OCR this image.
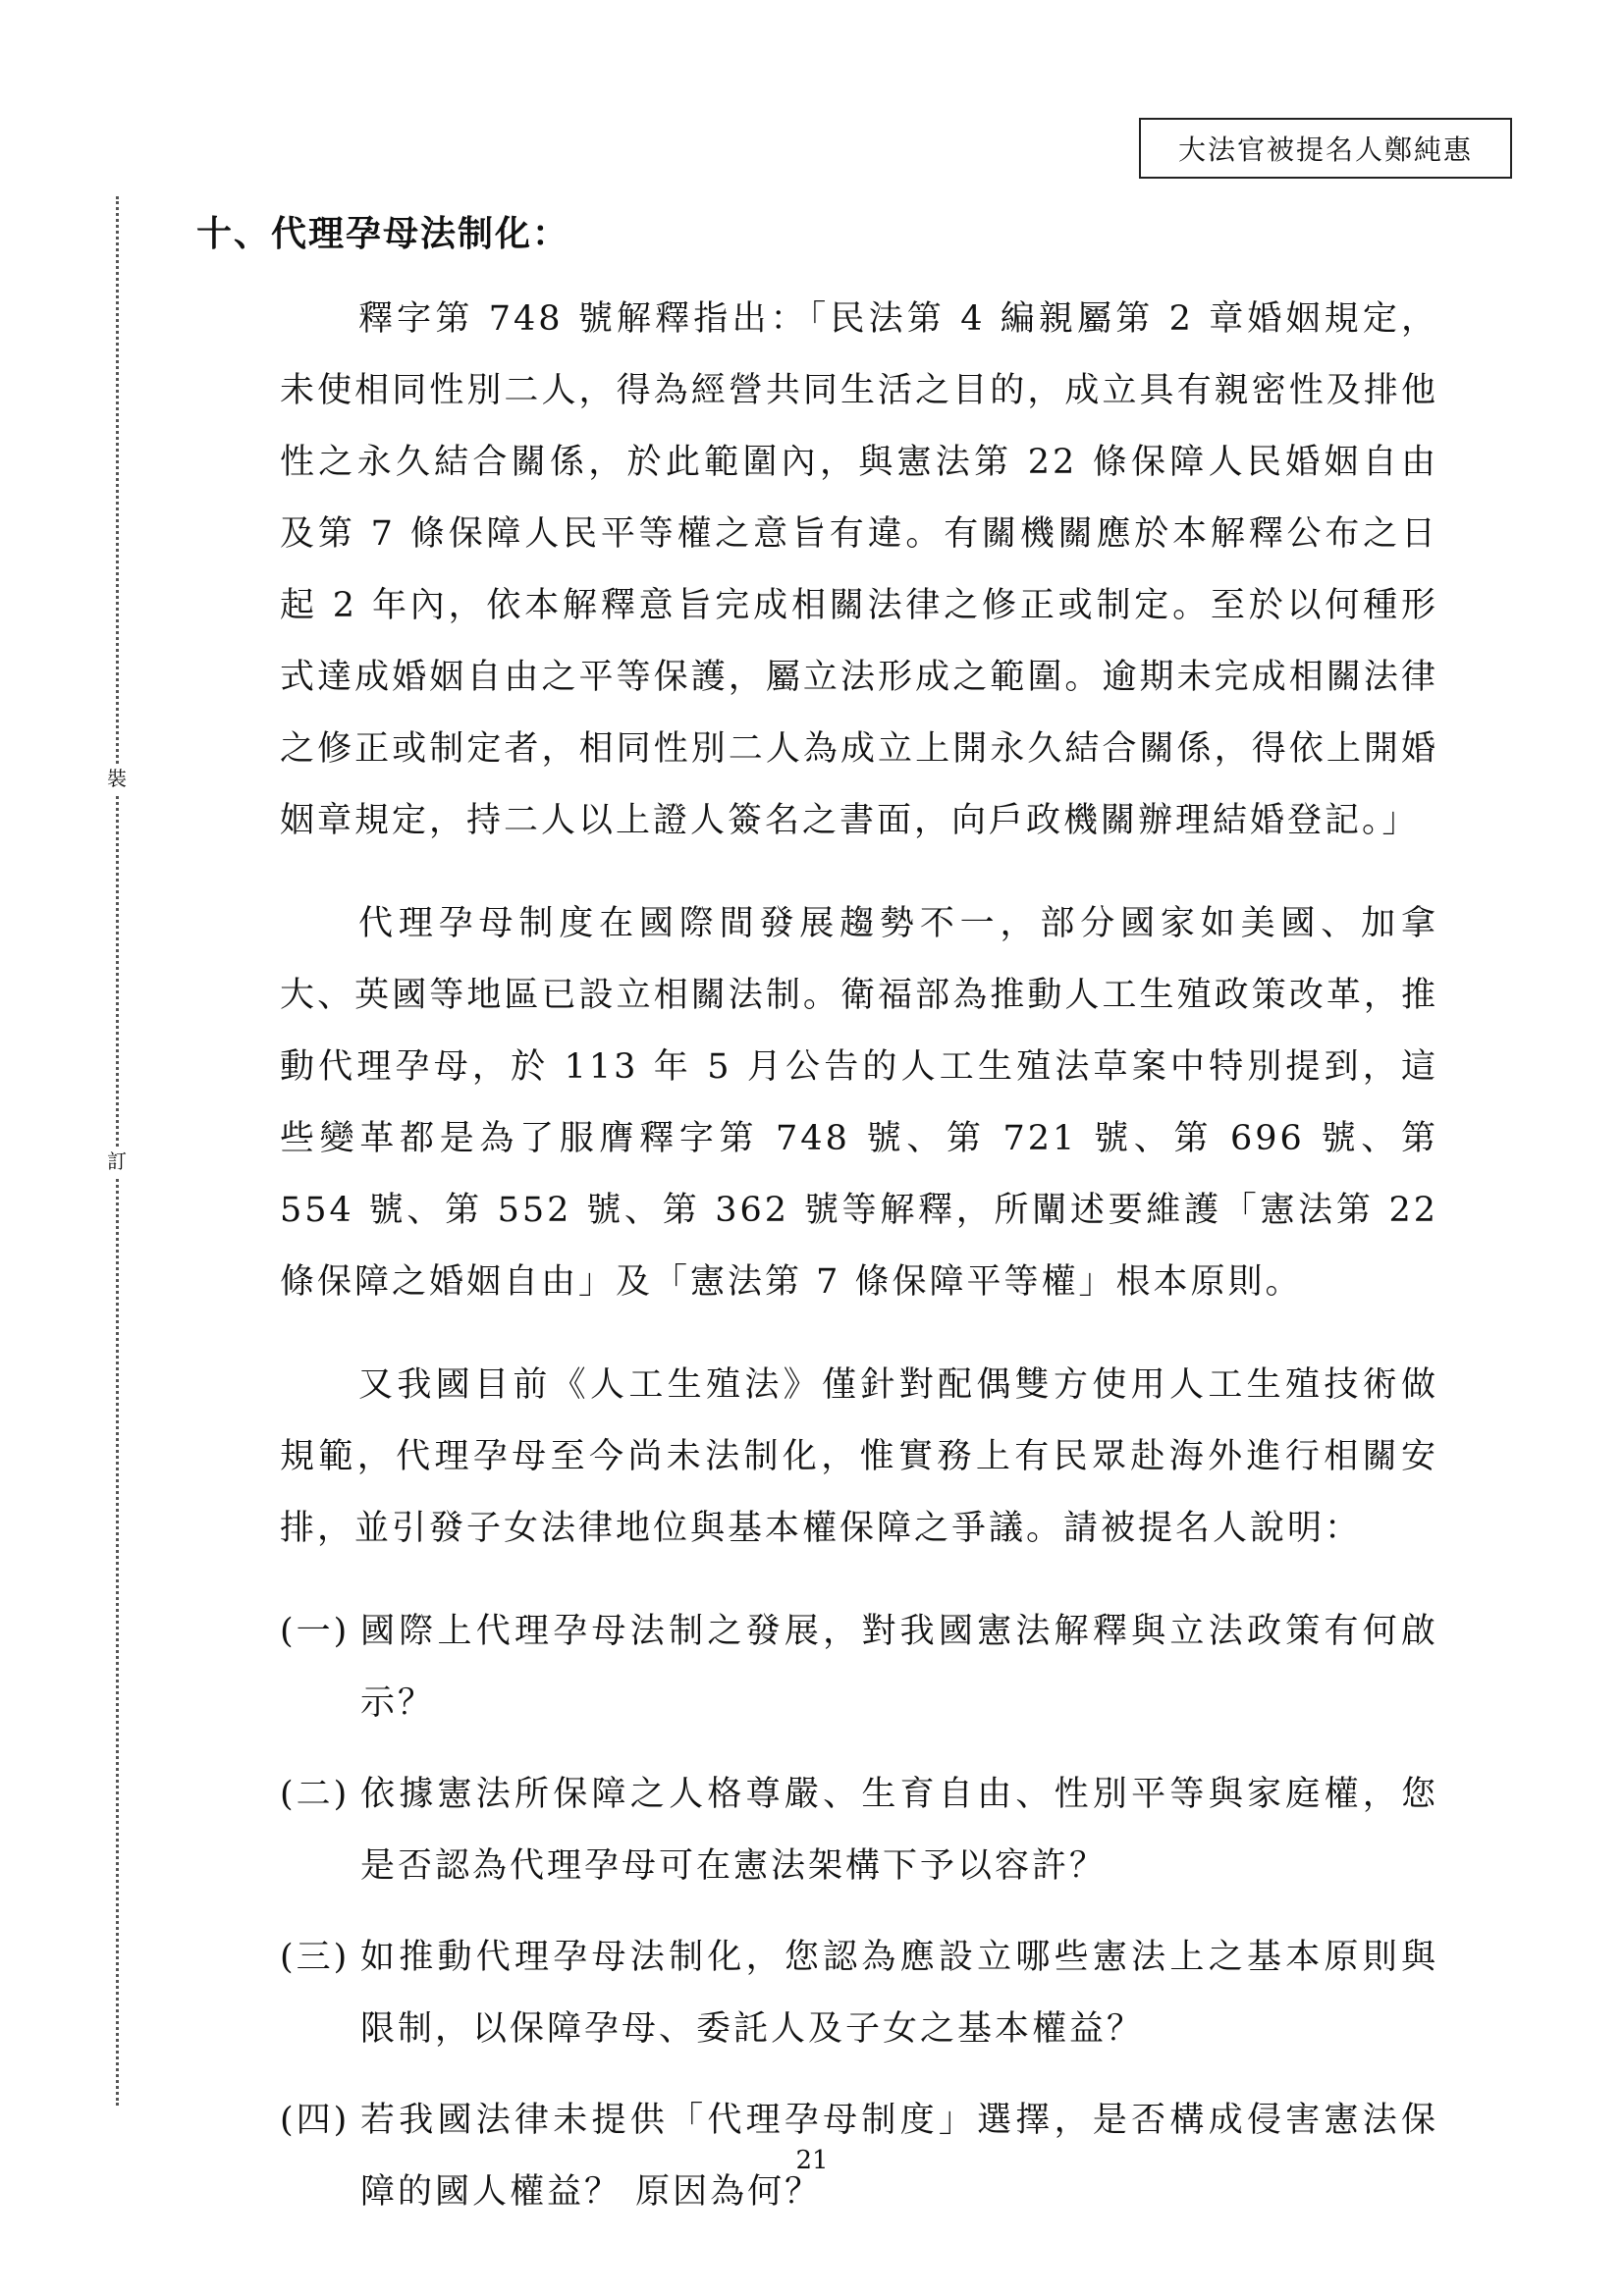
大法官被提名人鄭純惠
裝
訂
十、代理孕母法制化：

釋字第 748 號解釋指出：「民法第 4 編親屬第 2 章婚姻規定，未使相同性別二人，得為經營共同生活之目的，成立具有親密性及排他性之永久結合關係，於此範圍內，與憲法第 22 條保障人民婚姻自由及第 7 條保障人民平等權之意旨有違。有關機關應於本解釋公布之日起 2 年內，依本解釋意旨完成相關法律之修正或制定。至於以何種形式達成婚姻自由之平等保護，屬立法形成之範圍。逾期未完成相關法律之修正或制定者，相同性別二人為成立上開永久結合關係，得依上開婚姻章規定，持二人以上證人簽名之書面，向戶政機關辦理結婚登記。」

代理孕母制度在國際間發展趨勢不一，部分國家如美國、加拿大、英國等地區已設立相關法制。衛福部為推動人工生殖政策改革，推動代理孕母，於 113 年 5 月公告的人工生殖法草案中特別提到，這些變革都是為了服膺釋字第 748 號、第 721 號、第 696 號、第 554 號、第 552 號、第 362 號等解釋，所闡述要維護「憲法第 22 條保障之婚姻自由」及「憲法第 7 條保障平等權」根本原則。

又我國目前《人工生殖法》僅針對配偶雙方使用人工生殖技術做規範，代理孕母至今尚未法制化，惟實務上有民眾赴海外進行相關安排，並引發子女法律地位與基本權保障之爭議。請被提名人說明：

(一) 國際上代理孕母法制之發展，對我國憲法解釋與立法政策有何啟示？
(二) 依據憲法所保障之人格尊嚴、生育自由、性別平等與家庭權，您是否認為代理孕母可在憲法架構下予以容許？
(三) 如推動代理孕母法制化，您認為應設立哪些憲法上之基本原則與限制，以保障孕母、委託人及子女之基本權益？
(四) 若我國法律未提供「代理孕母制度」選擇，是否構成侵害憲法保障的國人權益？ 原因為何？
21
